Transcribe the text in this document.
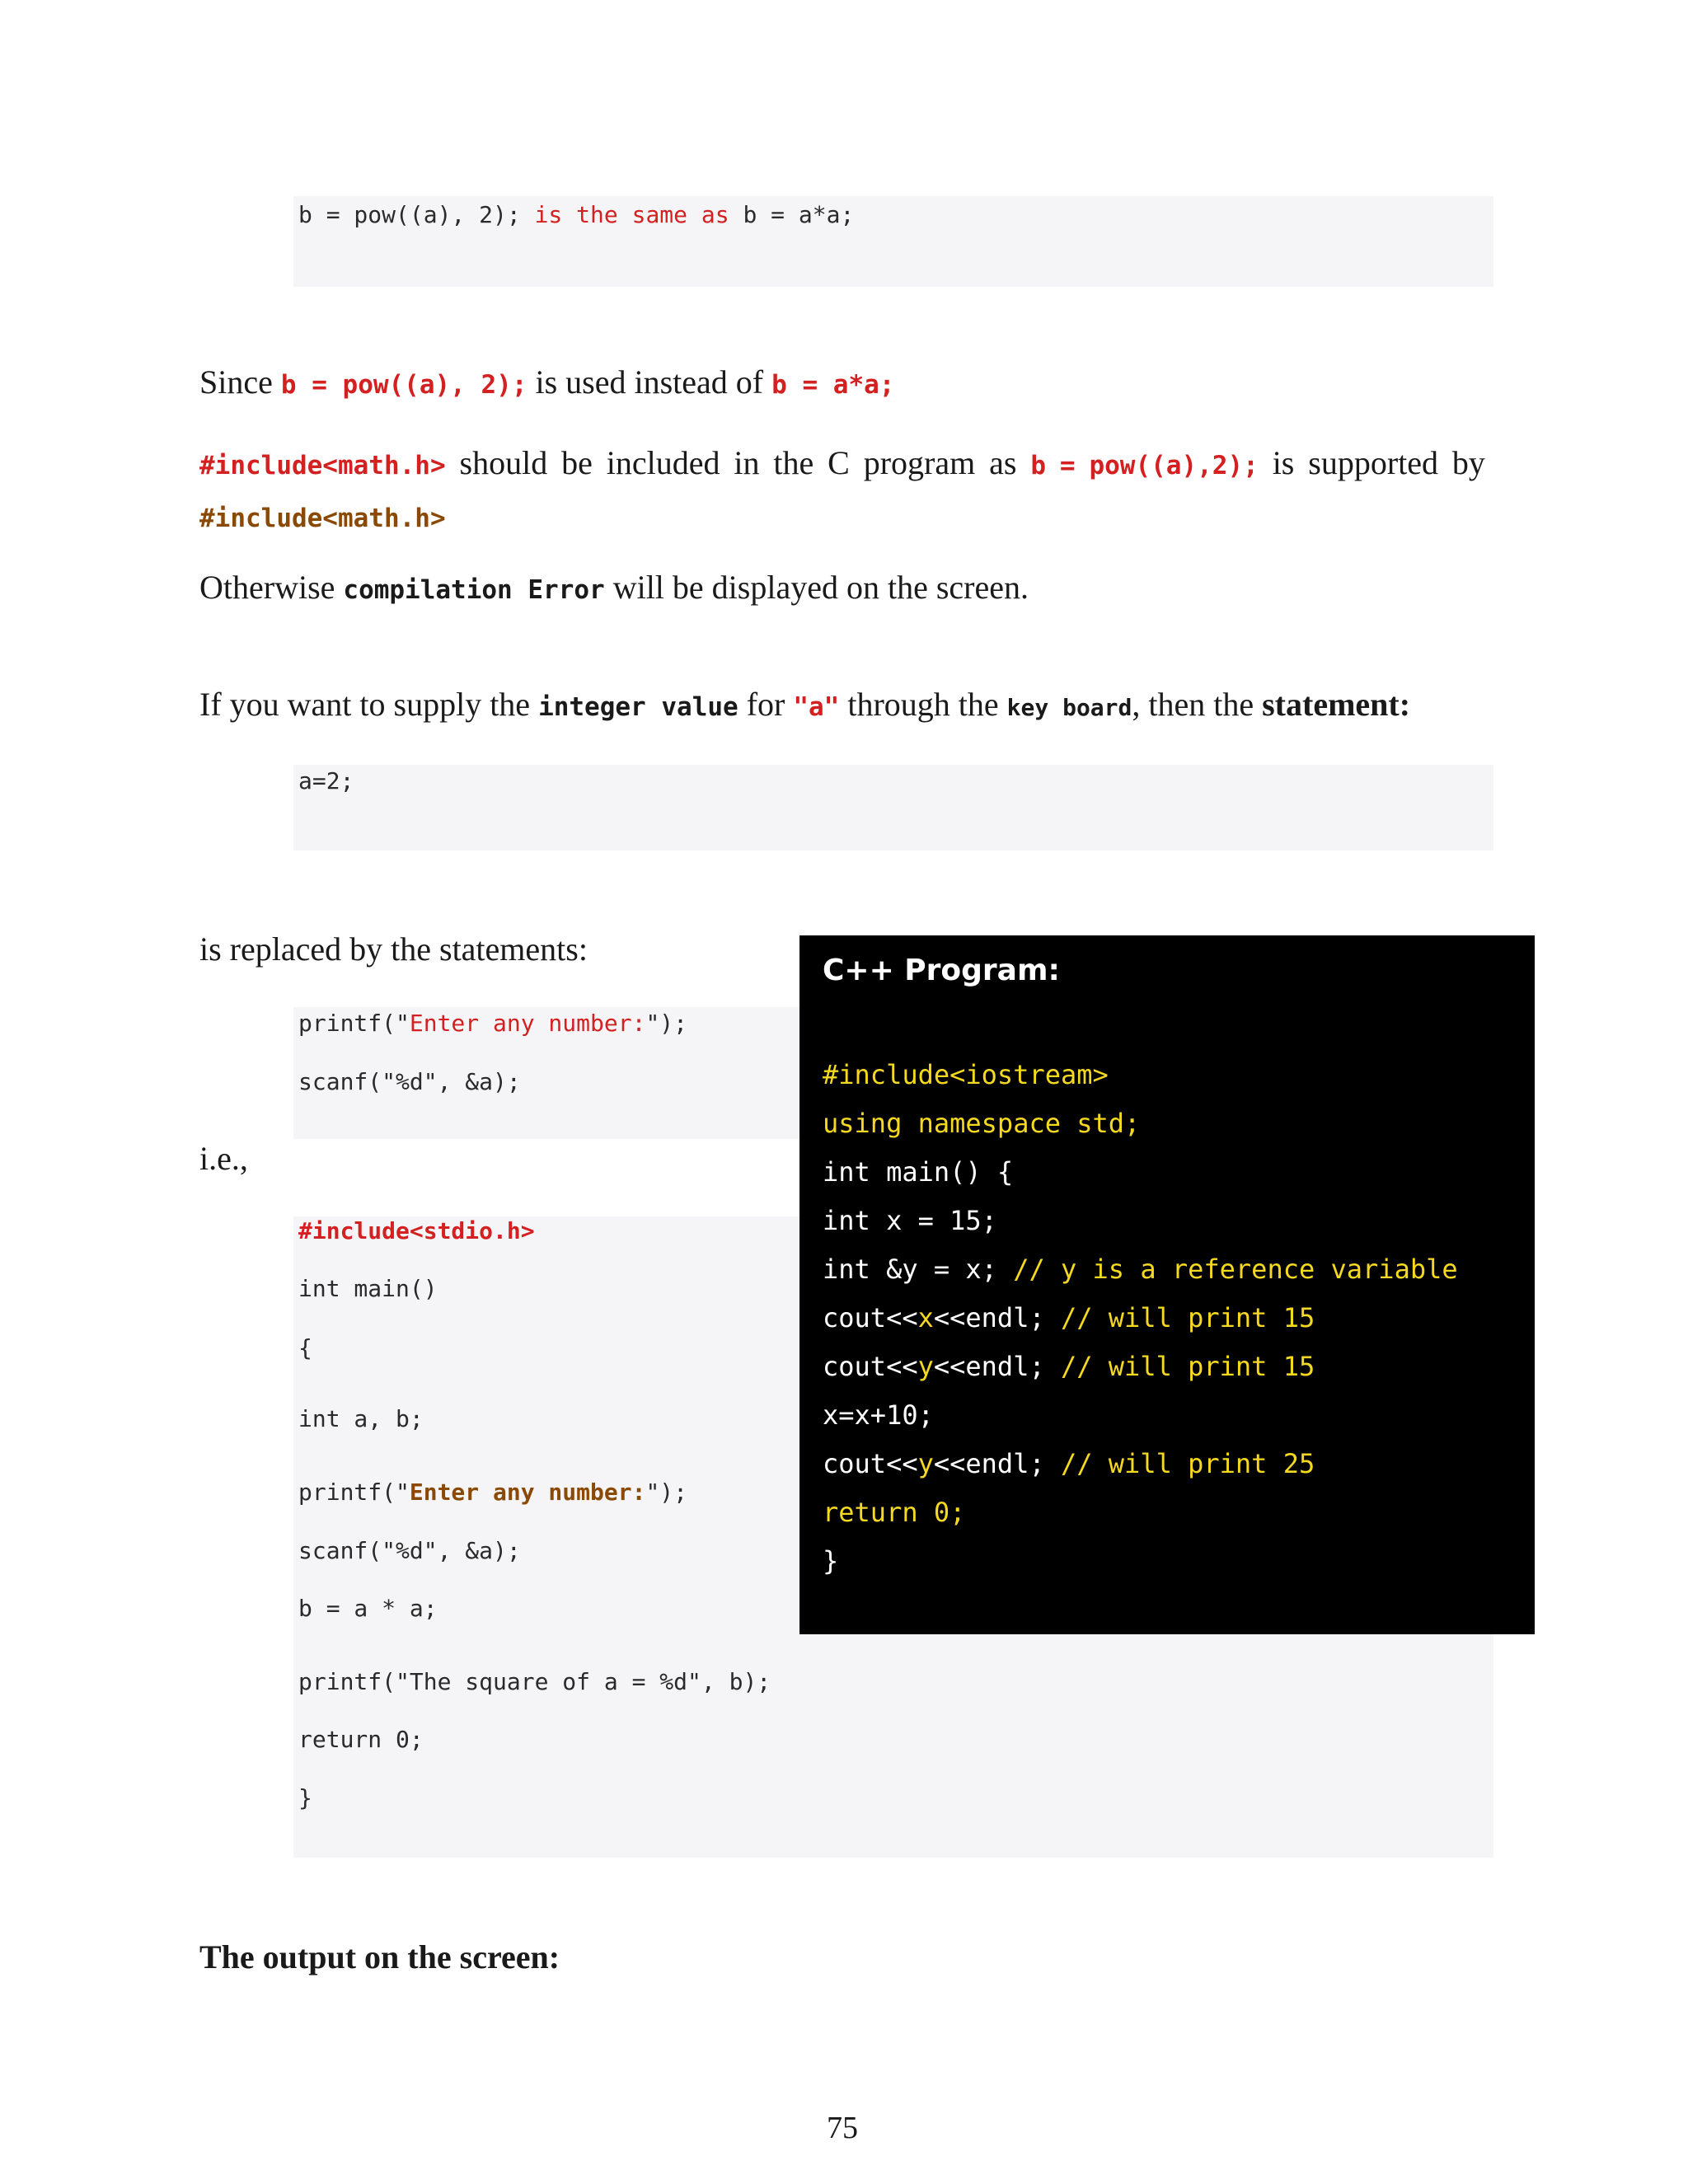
b = pow((a), 2); is the same as b = a*a;
Since b = pow((a), 2); is used instead of b = a*a;
#include<math.h> should be included in the C program as b = pow((a),2); is supported by
#include<math.h>
Otherwise compilation Error will be displayed on the screen.
If you want to supply the integer value for "a" through the key board, then the statement:
a=2;
is replaced by the statements:
printf("Enter any number:");
scanf("%d", &a);
i.e.,
#include<stdio.h>
int main()
{
int a, b;
printf("Enter any number:");
scanf("%d", &a);
b = a * a;
printf("The square of a = %d", b);
return 0;
}
The output on the screen:
C++ Program:
#include<iostream>
using namespace std;
int main() {
int x = 15;
int &y = x; // y is a reference variable
cout<<x<<endl; // will print 15
cout<<y<<endl; // will print 15
x=x+10;
cout<<y<<endl; // will print 25
return 0;
}
75
